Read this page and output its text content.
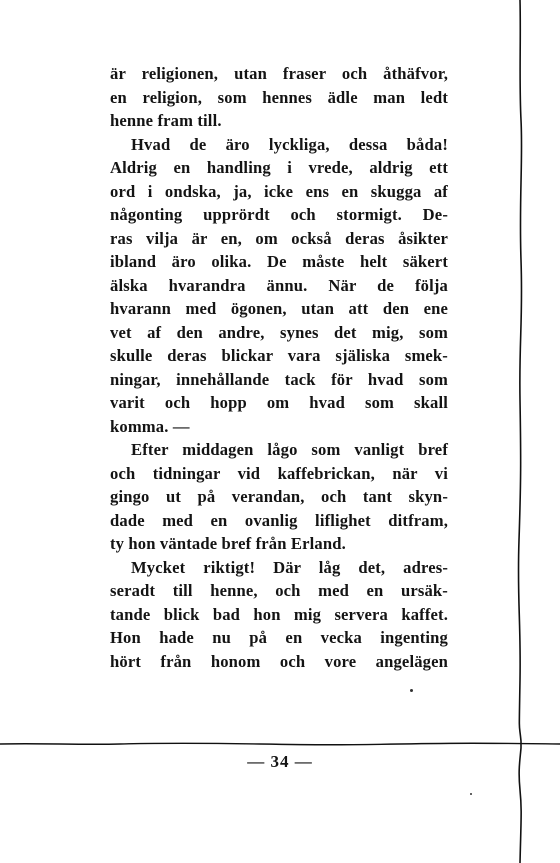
är religionen, utan fraser och åthäfvor,
en religion, som hennes ädle man ledt
henne fram till.
Hvad de äro lyckliga, dessa båda!
Aldrig en handling i vrede, aldrig ett
ord i ondska, ja, icke ens en skugga af
någonting upprördt och stormigt. De-
ras vilja är en, om också deras åsikter
ibland äro olika. De måste helt säkert
älska hvarandra ännu. När de följa
hvarann med ögonen, utan att den ene
vet af den andre, synes det mig, som
skulle deras blickar vara själiska smek-
ningar, innehållande tack för hvad som
varit och hopp om hvad som skall
komma. —
Efter middagen lågo som vanligt bref
och tidningar vid kaffebrickan, när vi
gingo ut på verandan, och tant skyn-
dade med en ovanlig liflighet ditfram,
ty hon väntade bref från Erland.
Mycket riktigt! Där låg det, adres-
seradt till henne, och med en ursäk-
tande blick bad hon mig servera kaffet.
Hon hade nu på en vecka ingenting
hört från honom och vore angelägen
— 34 —
